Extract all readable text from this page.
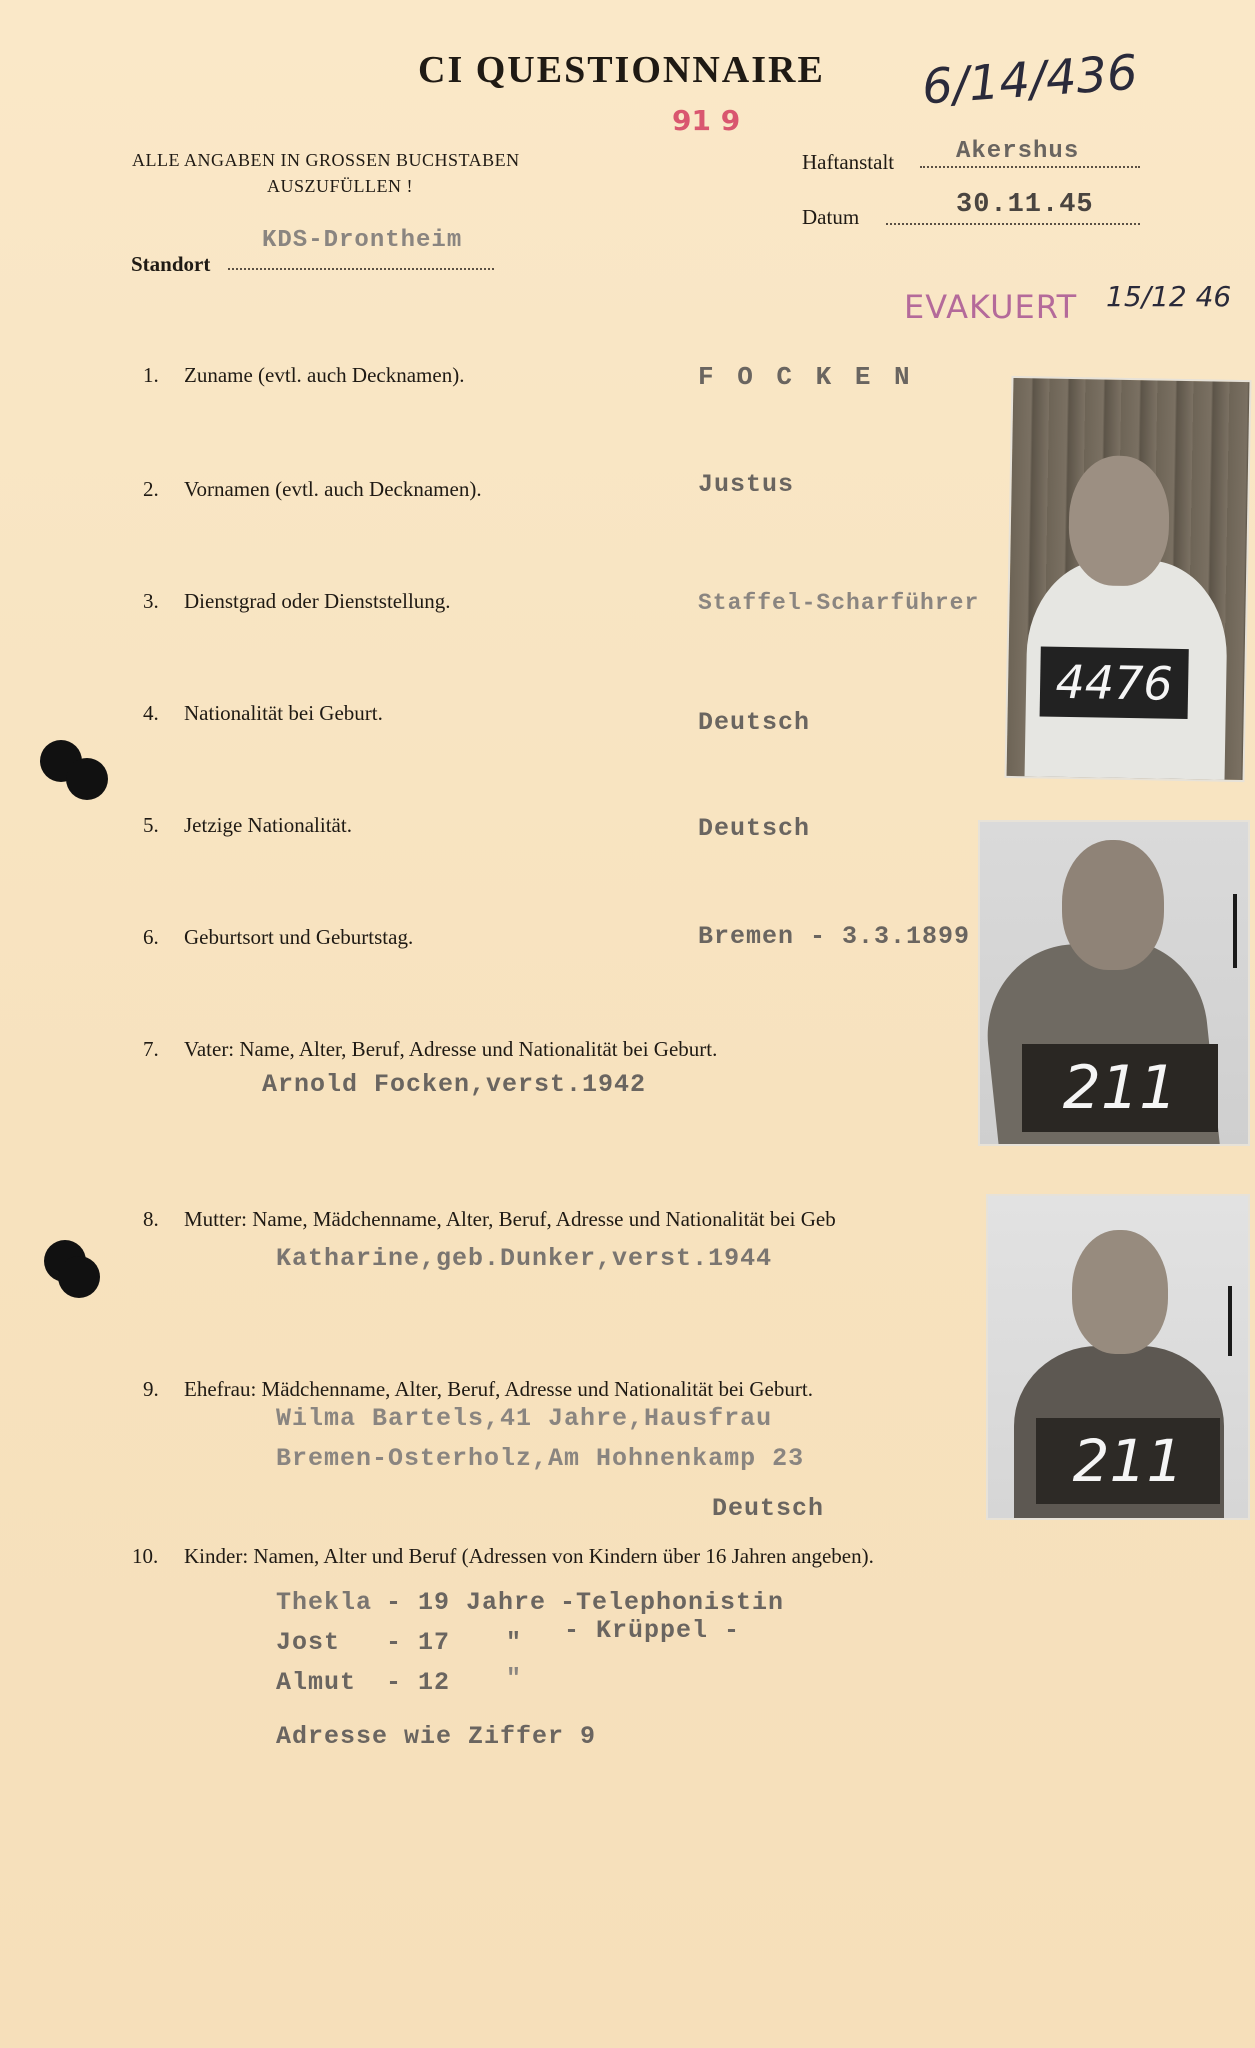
CI QUESTIONNAIRE 6/14/436
91 9
ALLE ANGABEN IN GROSSEN BUCHSTABEN
AUSZUFÜLLEN !
Haftanstalt	Akershus
Datum	30.11.45
Standort
KDS-Drontheim
EVAKUERT 15/12 46
1. Zuname (evtl. auch Decknamen).	F O C K E N
2. Vornamen (evtl. auch Decknamen).	Justus
3. Dienstgrad oder Dienststellung.	Staffel-Scharführer
4. Nationalität bei Geburt.	Deutsch
5. Jetzige Nationalität.	Deutsch
6. Geburtsort und Geburtstag.	Bremen - 3.3.1899
7. Vater: Name, Alter, Beruf, Adresse und Nationalität bei Geburt.
Arnold Focken,verst.1942
8. Mutter: Name, Mädchenname, Alter, Beruf, Adresse und Nationalität bei Geb
Katharine,geb.Dunker,verst.1944
9. Ehefrau: Mädchenname, Alter, Beruf, Adresse und Nationalität bei Geburt.
Wilma Bartels,41 Jahre,Hausfrau
Bremen-Osterholz,Am Hohnenkamp 23
Deutsch
10. Kinder: Namen, Alter und Beruf (Adressen von Kindern über 16 Jahren angeben).
Thekla - 19 Jahre -Telephonistin
Jost - 17 " - Krüppel -
Almut - 12 "
Adresse wie Ziffer 9
4476
211
211
